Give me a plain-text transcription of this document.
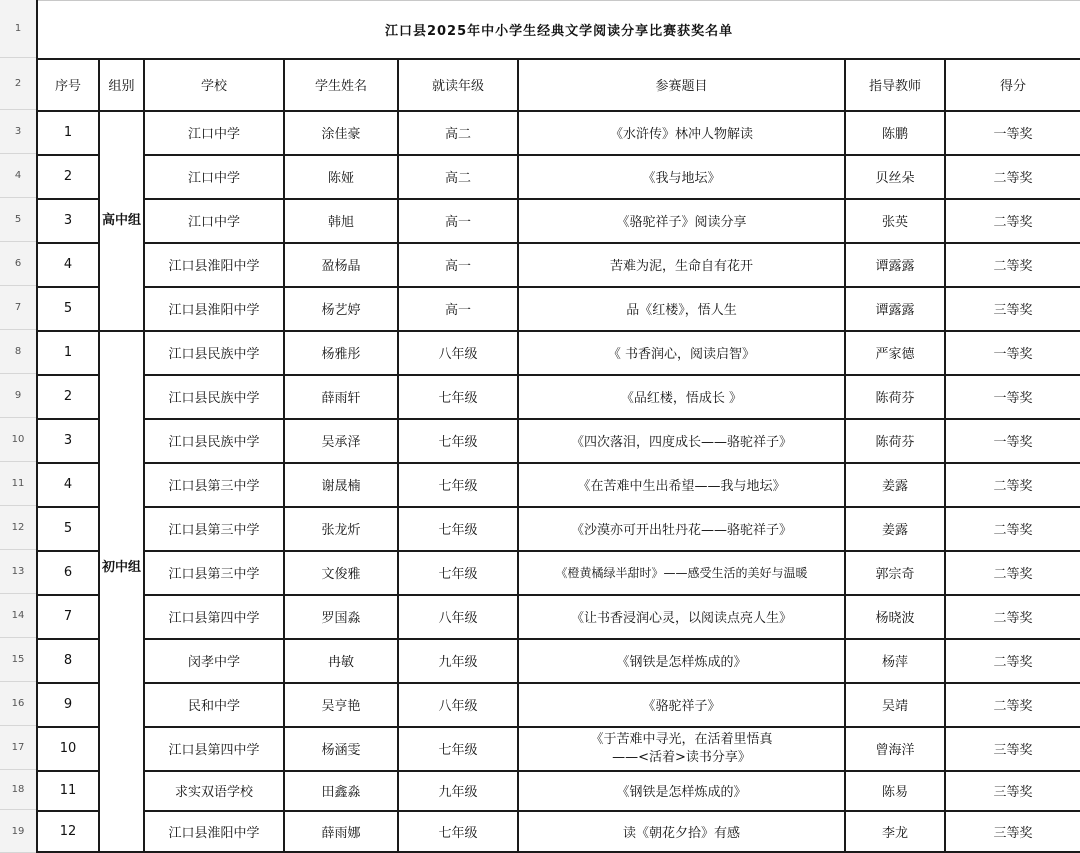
1
2
3
4
5
6
7
8
9
10
11
12
13
14
15
16
17
18
19
江口县2025年中小学生经典文学阅读分享比赛获奖名单							
序号	组别	学校	学生姓名	就读年级	参赛题目	指导教师	得分
1	高中组	江口中学	涂佳豪	高二	《水浒传》林冲人物解读	陈鹏	一等奖
2		江口中学	陈娅	高二	《我与地坛》	贝丝朵	二等奖
3		江口中学	韩旭	高一	《骆驼祥子》阅读分享	张英	二等奖
4		江口县淮阳中学	盈杨晶	高一	苦难为泥，生命自有花开	谭露露	二等奖
5		江口县淮阳中学	杨艺婷	高一	品《红楼》，悟人生	谭露露	三等奖
1	初中组	江口县民族中学	杨雅彤	八年级	《 书香润心，阅读启智》	严家德	一等奖
2		江口县民族中学	薛雨轩	七年级	《品红楼，悟成长 》	陈荷芬	一等奖
3		江口县民族中学	吴承泽	七年级	《四次落泪，四度成长——骆驼祥子》	陈荷芬	一等奖
4		江口县第三中学	谢晟楠	七年级	《在苦难中生出希望——我与地坛》	姜露	二等奖
5		江口县第三中学	张龙炘	七年级	《沙漠亦可开出牡丹花——骆驼祥子》	姜露	二等奖
6		江口县第三中学	文俊雅	七年级	《橙黄橘绿半甜时》——感受生活的美好与温暖	郭宗奇	二等奖
7		江口县第四中学	罗国淼	八年级	《让书香浸润心灵，以阅读点亮人生》	杨晓波	二等奖
8		闵孝中学	冉敏	九年级	《钢铁是怎样炼成的》	杨萍	二等奖
9		民和中学	吴亨艳	八年级	《骆驼祥子》	吴靖	二等奖
10		江口县第四中学	杨涵雯	七年级	《于苦难中寻光，在活着里悟真
——<活着>读书分享》	曾海洋	三等奖
11		求实双语学校	田鑫淼	九年级	《钢铁是怎样炼成的》	陈易	三等奖
12		江口县淮阳中学	薛雨娜	七年级	读《朝花夕拾》有感	李龙	三等奖
